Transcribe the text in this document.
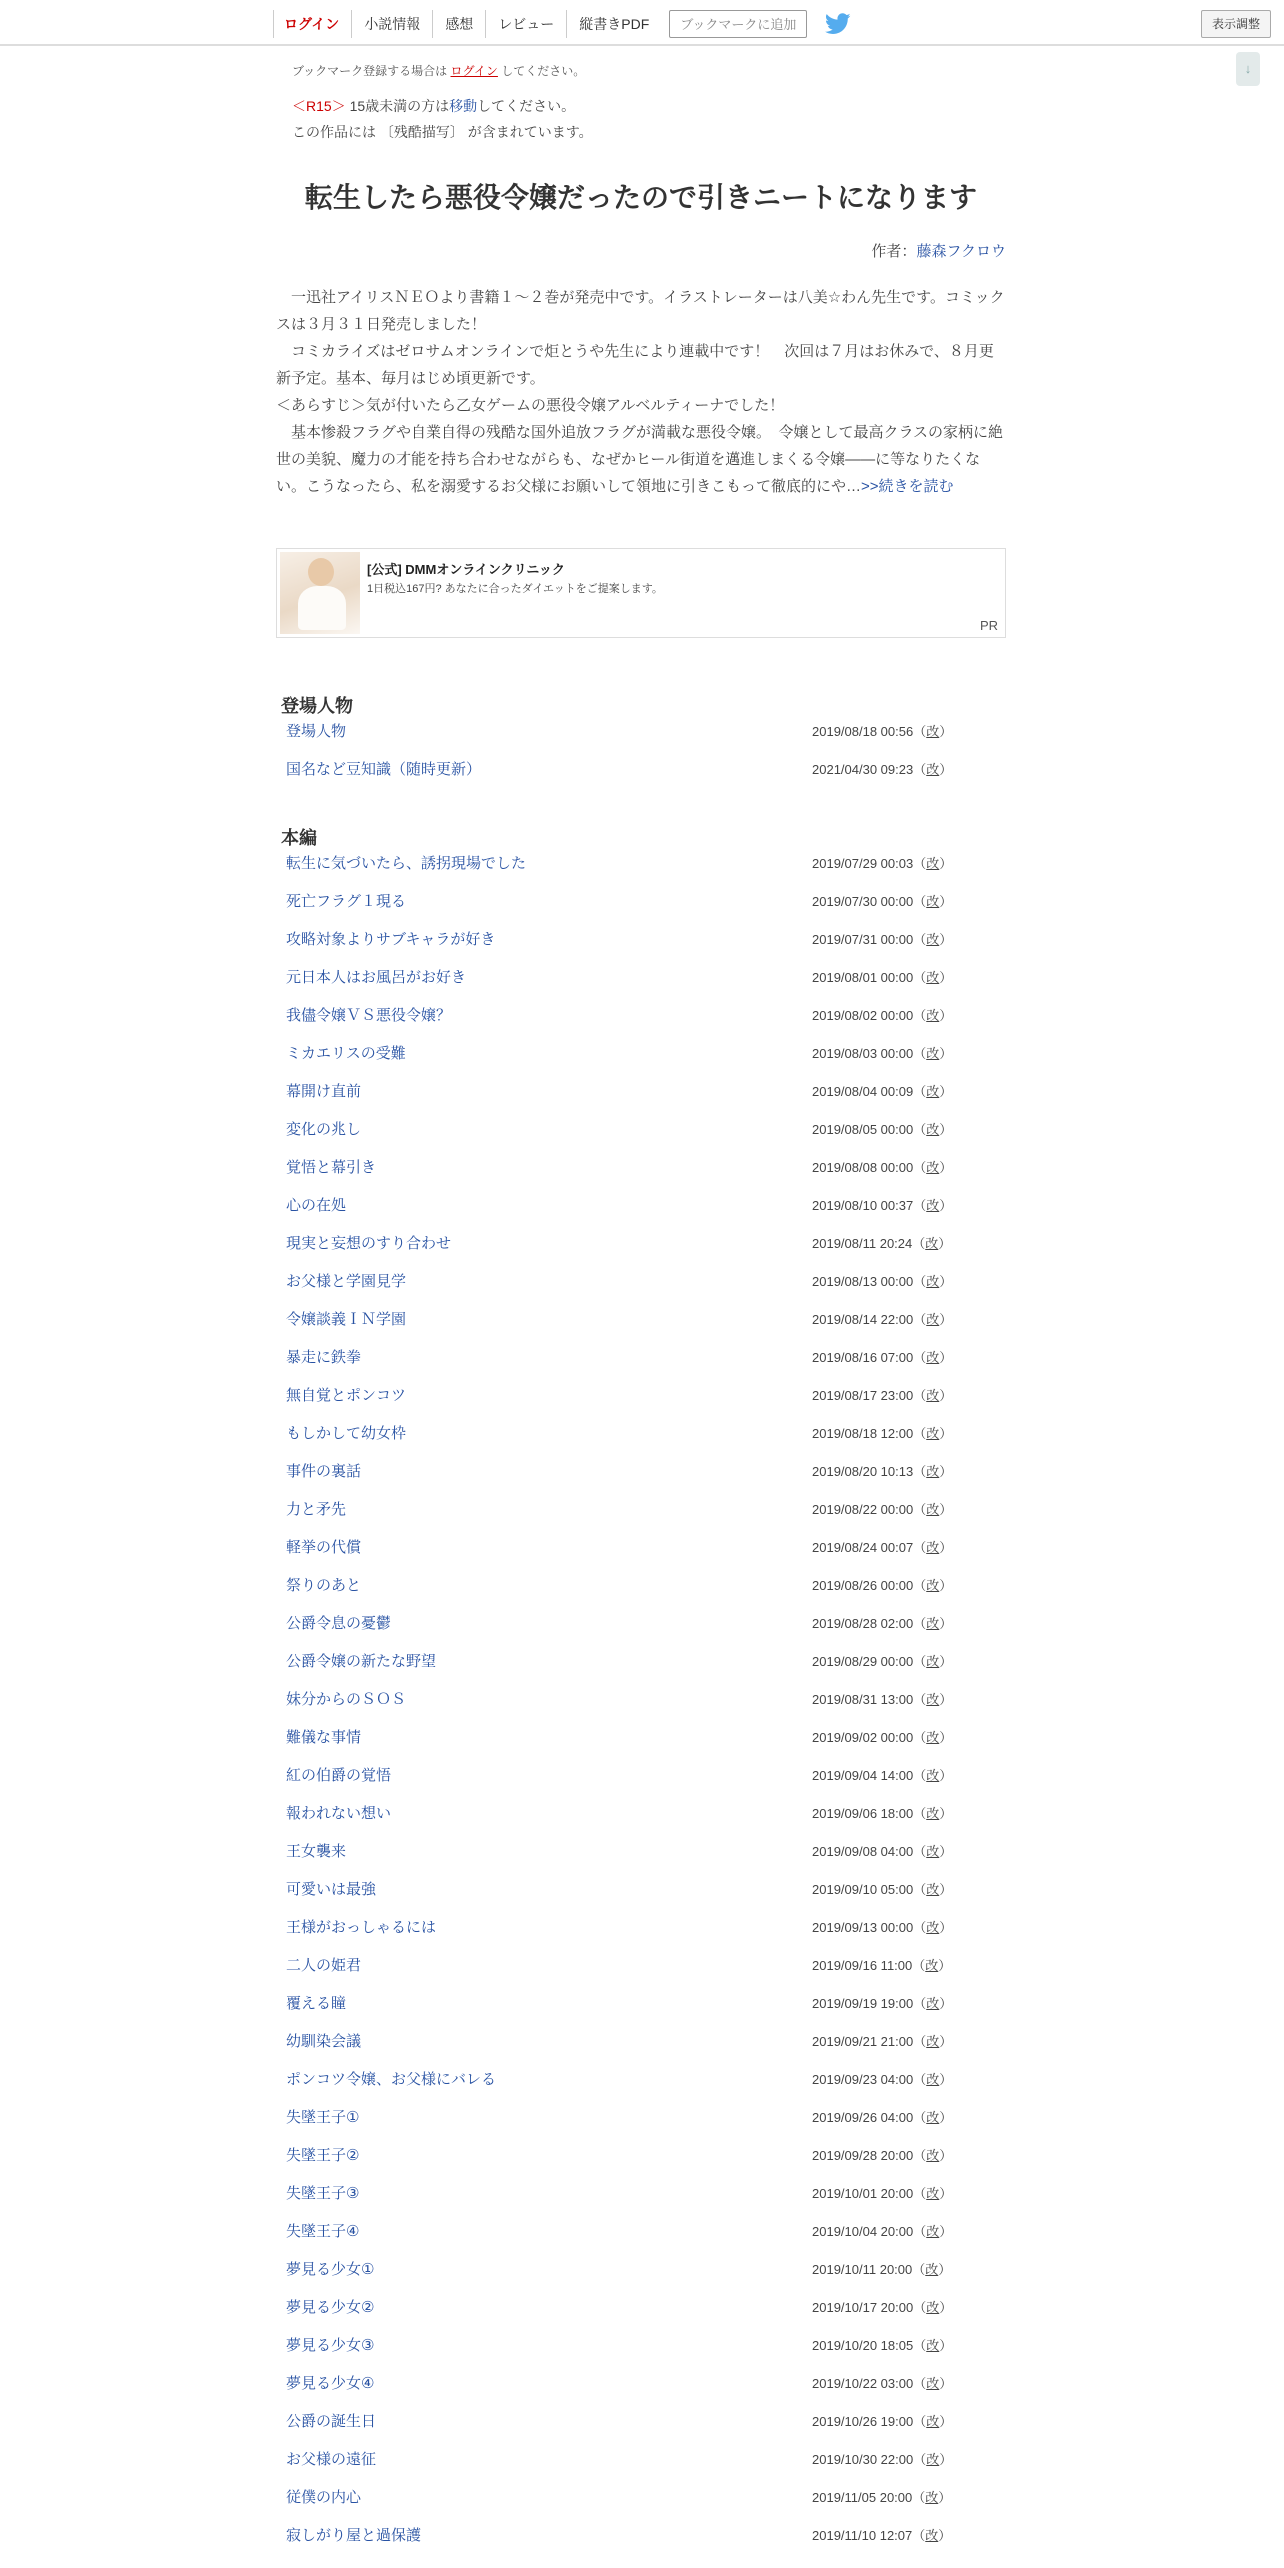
ログイン	小説情報	感想	レビュー	縦書きPDF	ブックマークに追加	表示調整
↓
ブックマーク登録する場合は ログイン してください。
＜R15＞ 15歳未満の方は移動してください。
この作品には 〔残酷描写〕 が含まれています。
転生したら悪役令嬢だったので引きニートになります
作者：藤森フクロウ

　一迅社アイリスＮＥＯより書籍１～２巻が発売中です。イラストレーターは八美☆わん先生です。コミックスは３月３１日発売しました！

　コミカライズはゼロサムオンラインで炬とうや先生により連載中です！　次回は７月はお休みで、８月更新予定。基本、毎月はじめ頃更新です。

＜あらすじ＞気が付いたら乙女ゲームの悪役令嬢アルベルティーナでした！

　基本惨殺フラグや自業自得の残酷な国外追放フラグが満載な悪役令嬢。　令嬢として最高クラスの家柄に絶世の美貌、魔力の才能を持ち合わせながらも、なぜかヒール街道を邁進しまくる令嬢――に等なりたくない。こうなったら、私を溺愛するお父様にお願いして領地に引きこもって徹底的にや…>>続きを読む

[公式] DMMオンラインクリニック
1日税込167円? あなたに合ったダイエットをご提案します。
PR
登場人物
登場人物	2019/08/18 00:56（改）
国名など豆知識（随時更新）	2021/04/30 09:23（改）
本編
転生に気づいたら、誘拐現場でした	2019/07/29 00:03（改）
死亡フラグ１現る	2019/07/30 00:00（改）
攻略対象よりサブキャラが好き	2019/07/31 00:00（改）
元日本人はお風呂がお好き	2019/08/01 00:00（改）
我儘令嬢ＶＳ悪役令嬢？	2019/08/02 00:00（改）
ミカエリスの受難	2019/08/03 00:00（改）
幕開け直前	2019/08/04 00:09（改）
変化の兆し	2019/08/05 00:00（改）
覚悟と幕引き	2019/08/08 00:00（改）
心の在処	2019/08/10 00:37（改）
現実と妄想のすり合わせ	2019/08/11 20:24（改）
お父様と学園見学	2019/08/13 00:00（改）
令嬢談義ＩＮ学園	2019/08/14 22:00（改）
暴走に鉄拳	2019/08/16 07:00（改）
無自覚とポンコツ	2019/08/17 23:00（改）
もしかして幼女枠	2019/08/18 12:00（改）
事件の裏話	2019/08/20 10:13（改）
力と矛先	2019/08/22 00:00（改）
軽挙の代償	2019/08/24 00:07（改）
祭りのあと	2019/08/26 00:00（改）
公爵令息の憂鬱	2019/08/28 02:00（改）
公爵令嬢の新たな野望	2019/08/29 00:00（改）
妹分からのＳＯＳ	2019/08/31 13:00（改）
難儀な事情	2019/09/02 00:00（改）
紅の伯爵の覚悟	2019/09/04 14:00（改）
報われない想い	2019/09/06 18:00（改）
王女襲来	2019/09/08 04:00（改）
可愛いは最強	2019/09/10 05:00（改）
王様がおっしゃるには	2019/09/13 00:00（改）
二人の姫君	2019/09/16 11:00（改）
覆える瞳	2019/09/19 19:00（改）
幼馴染会議	2019/09/21 21:00（改）
ポンコツ令嬢、お父様にバレる	2019/09/23 04:00（改）
失墜王子①	2019/09/26 04:00（改）
失墜王子②	2019/09/28 20:00（改）
失墜王子③	2019/10/01 20:00（改）
失墜王子④	2019/10/04 20:00（改）
夢見る少女①	2019/10/11 20:00（改）
夢見る少女②	2019/10/17 20:00（改）
夢見る少女③	2019/10/20 18:05（改）
夢見る少女④	2019/10/22 03:00（改）
公爵の誕生日	2019/10/26 19:00（改）
お父様の遠征	2019/10/30 22:00（改）
従僕の内心	2019/11/05 20:00（改）
寂しがり屋と過保護	2019/11/10 12:07（改）
